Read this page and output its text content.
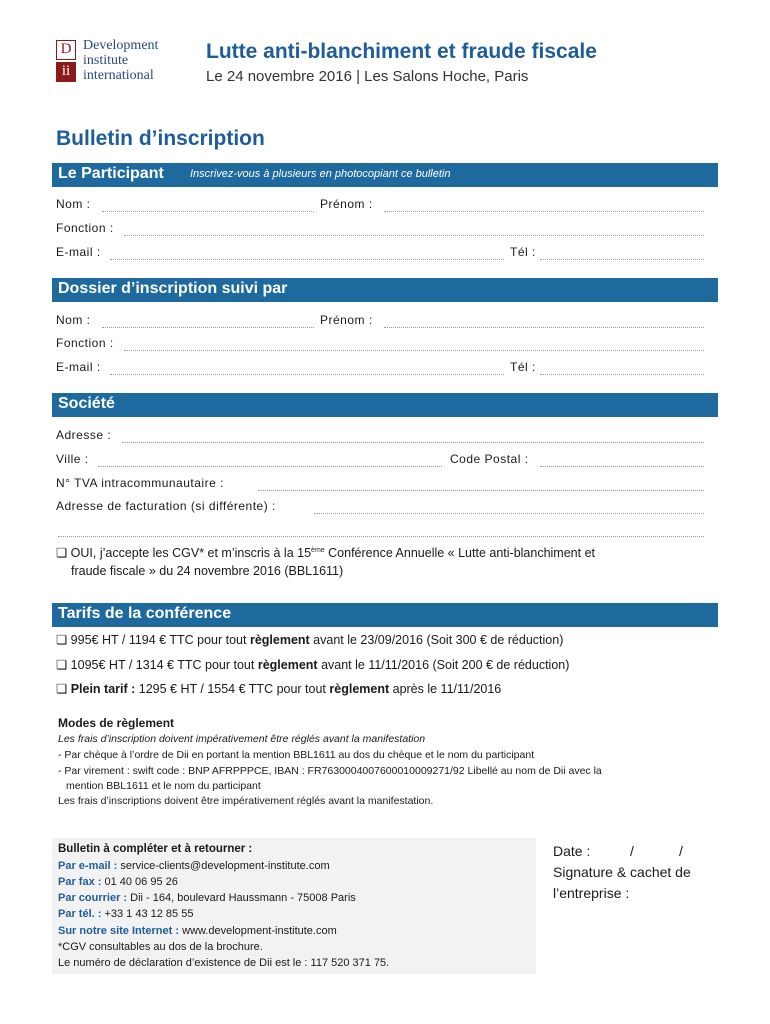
D
ii
Development
institute
international
Lutte anti-blanchiment et fraude fiscale
Le 24 novembre 2016 | Les Salons Hoche, Paris
Bulletin d’inscription
Le Participant Inscrivez-vous à plusieurs en photocopiant ce bulletin
Nom :	Prénom :
Fonction :
E-mail :	Tél :
Dossier d’inscription suivi par
Nom :	Prénom :
Fonction :
E-mail :	Tél :
Société
Adresse :
Ville :	Code Postal :
N° TVA intracommunautaire :
Adresse de facturation (si différente) :
❏ OUI, j’accepte les CGV* et m’inscris à la 15ème Conférence Annuelle « Lutte anti-blanchiment et
fraude fiscale » du 24 novembre 2016 (BBL1611)
Tarifs de la conférence
❏ 995€ HT / 1194 € TTC pour tout règlement avant le 23/09/2016 (Soit 300 € de réduction)
❏ 1095€ HT / 1314 € TTC pour tout règlement avant le 11/11/2016 (Soit 200 € de réduction)
❏ Plein tarif : 1295 € HT / 1554 € TTC pour tout règlement après le 11/11/2016
Modes de règlement
Les frais d’inscription doivent impérativement être réglés avant la manifestation
- Par chèque à l’ordre de Dii en portant la mention BBL1611 au dos du chèque et le nom du participant
- Par virement : swift code : BNP AFRPPPCE, IBAN : FR7630004007600010009271/92 Libellé au nom de Dii avec la
mention BBL1611 et le nom du participant
Les frais d’inscriptions doivent être impérativement réglés avant la manifestation.
Bulletin à compléter et à retourner :
Par e-mail : service-clients@development-institute.com
Par fax : 01 40 06 95 26
Par courrier : Dii - 164, boulevard Haussmann - 75008 Paris
Par tél. : +33 1 43 12 85 55
Sur notre site Internet : www.development-institute.com
*CGV consultables au dos de la brochure.
Le numéro de déclaration d’existence de Dii est le : 117 520 371 75.
Date :	/	/
Signature & cachet de
l’entreprise :
